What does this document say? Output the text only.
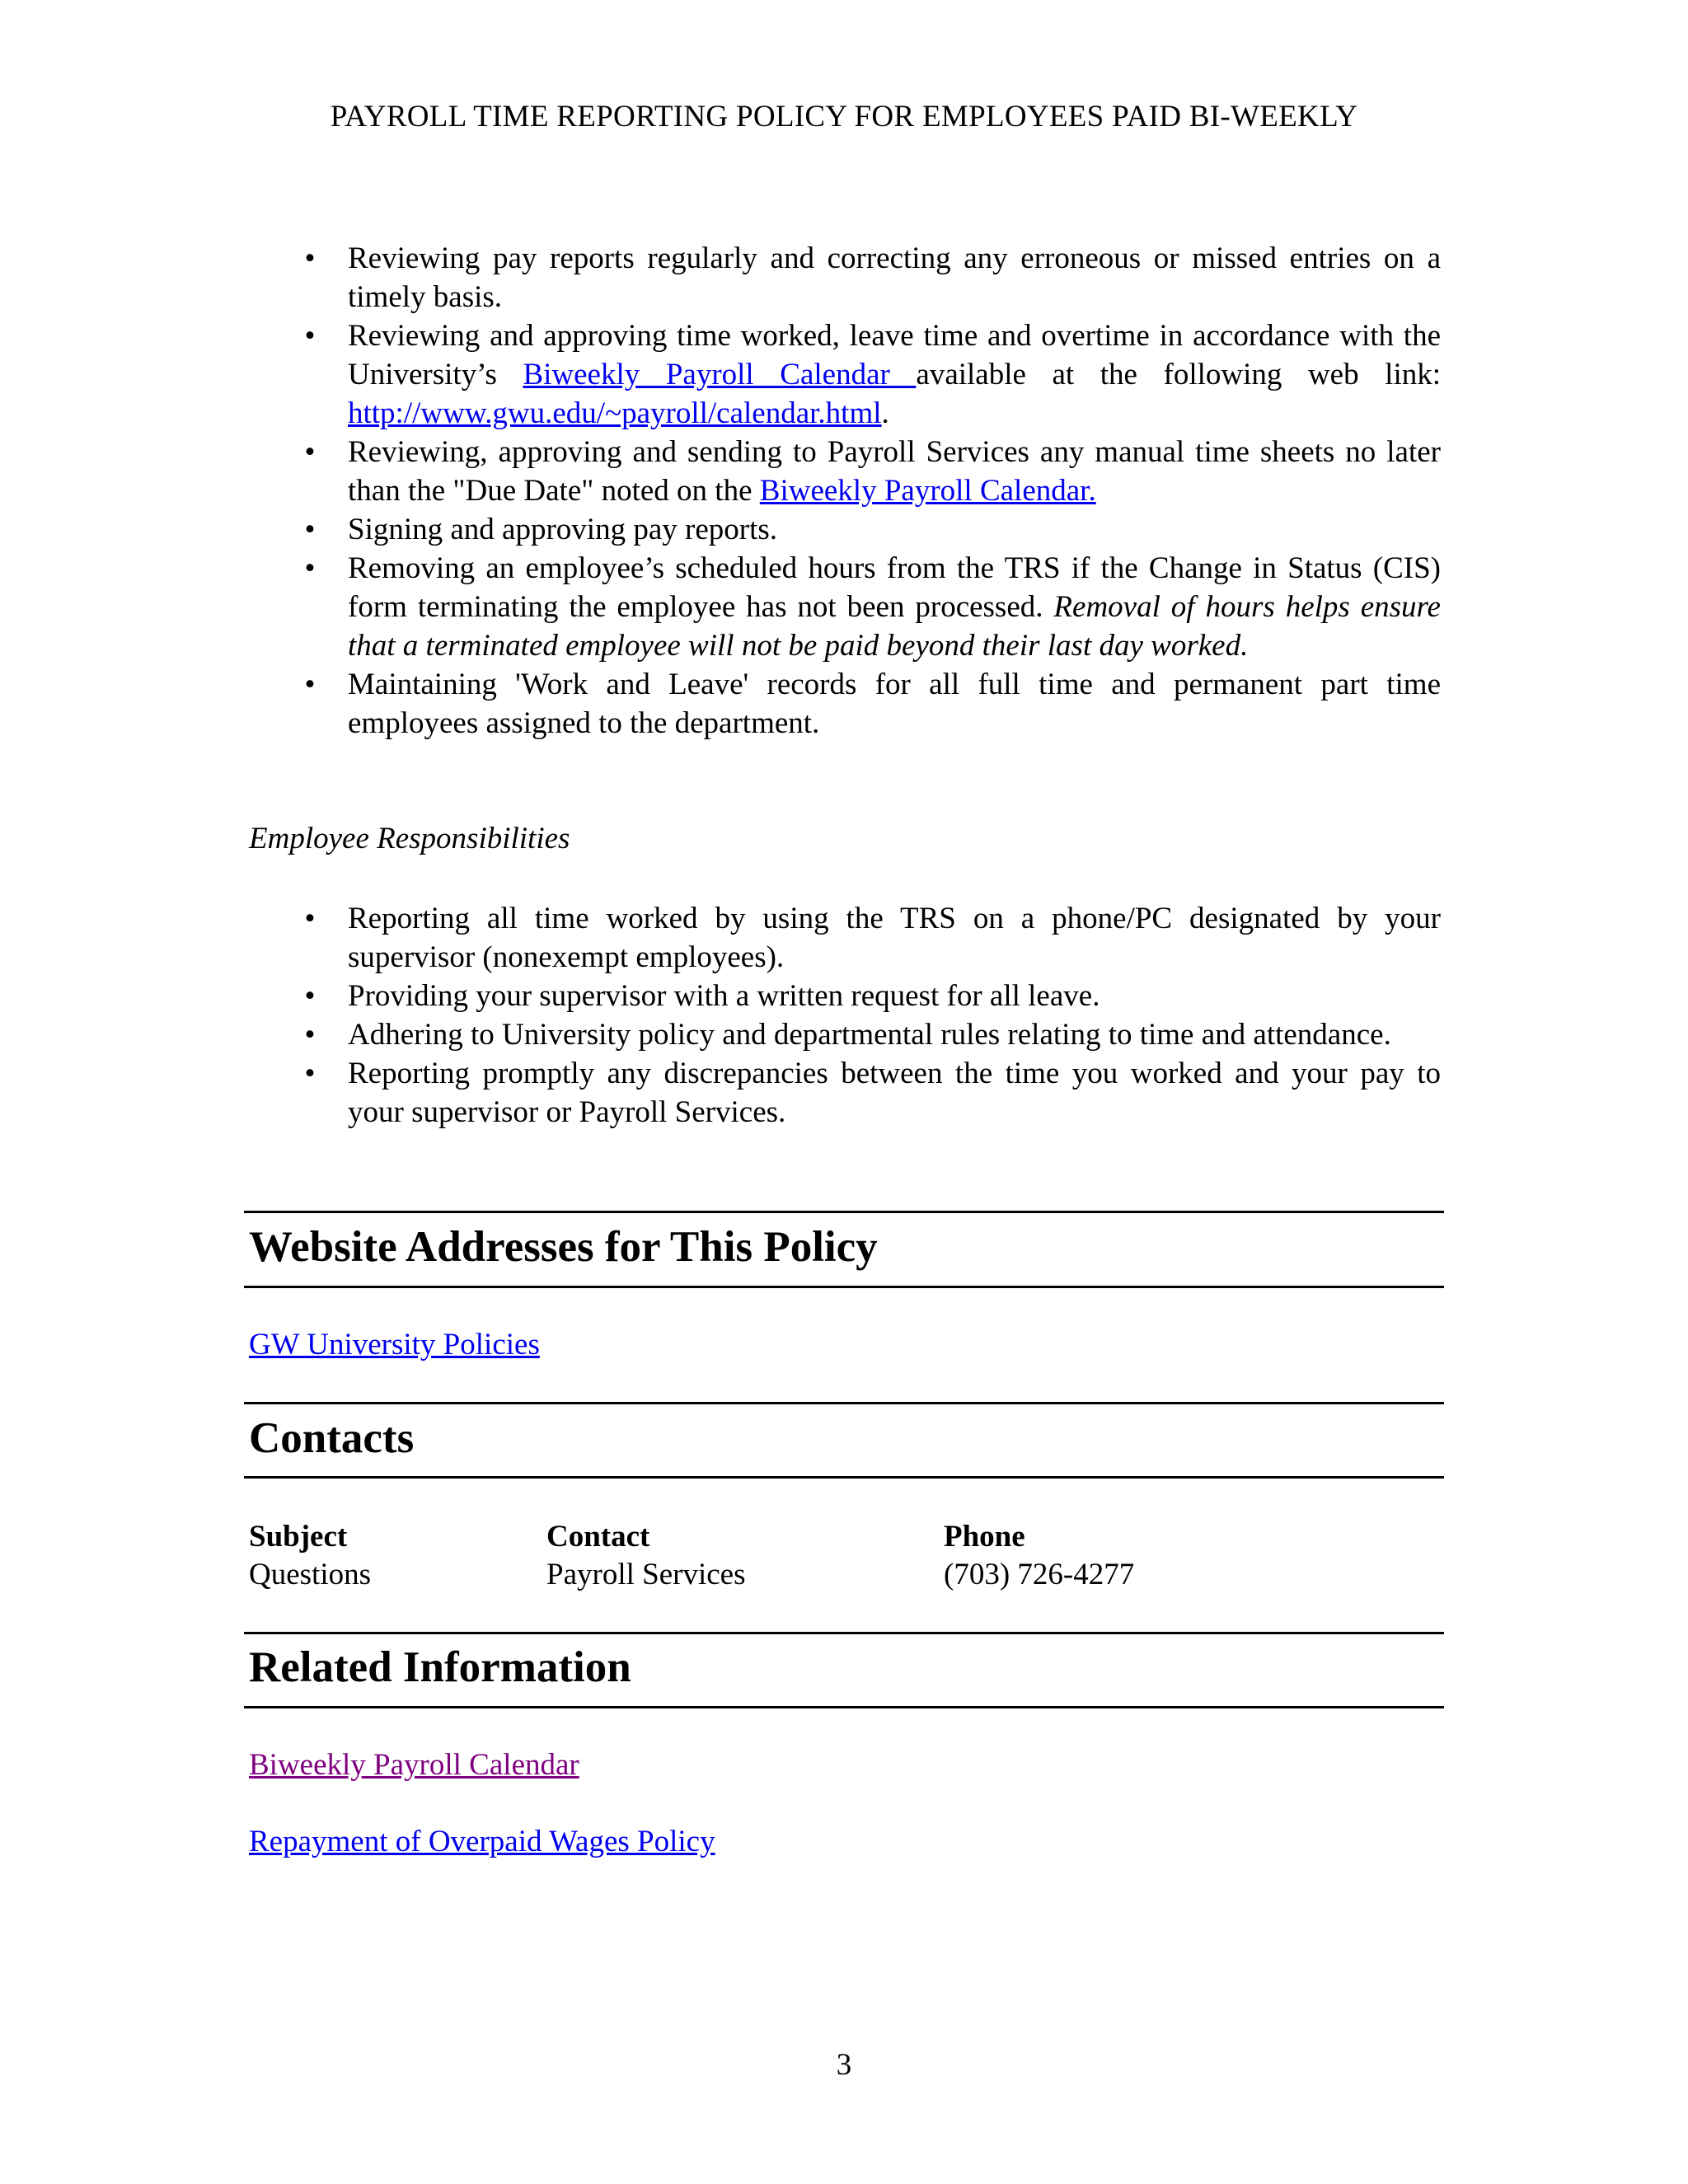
PAYROLL TIME REPORTING POLICY FOR EMPLOYEES PAID BI-WEEKLY
• Reviewing pay reports regularly and correcting any erroneous or missed entries on a timely basis.
• Reviewing and approving time worked, leave time and overtime in accordance with the University’s Biweekly Payroll Calendar available at the following web link: http://www.gwu.edu/~payroll/calendar.html.
• Reviewing, approving and sending to Payroll Services any manual time sheets no later than the "Due Date" noted on the Biweekly Payroll Calendar.
• Signing and approving pay reports.
• Removing an employee’s scheduled hours from the TRS if the Change in Status (CIS) form terminating the employee has not been processed. Removal of hours helps ensure that a terminated employee will not be paid beyond their last day worked.
• Maintaining 'Work and Leave' records for all full time and permanent part time employees assigned to the department.
Employee Responsibilities
• Reporting all time worked by using the TRS on a phone/PC designated by your supervisor (nonexempt employees).
• Providing your supervisor with a written request for all leave.
• Adhering to University policy and departmental rules relating to time and attendance.
• Reporting promptly any discrepancies between the time you worked and your pay to your supervisor or Payroll Services.
Website Addresses for This Policy
GW University Policies
Contacts
Subject	Contact	Phone
Questions	Payroll Services	(703) 726-4277
Related Information
Biweekly Payroll Calendar
Repayment of Overpaid Wages Policy
3
